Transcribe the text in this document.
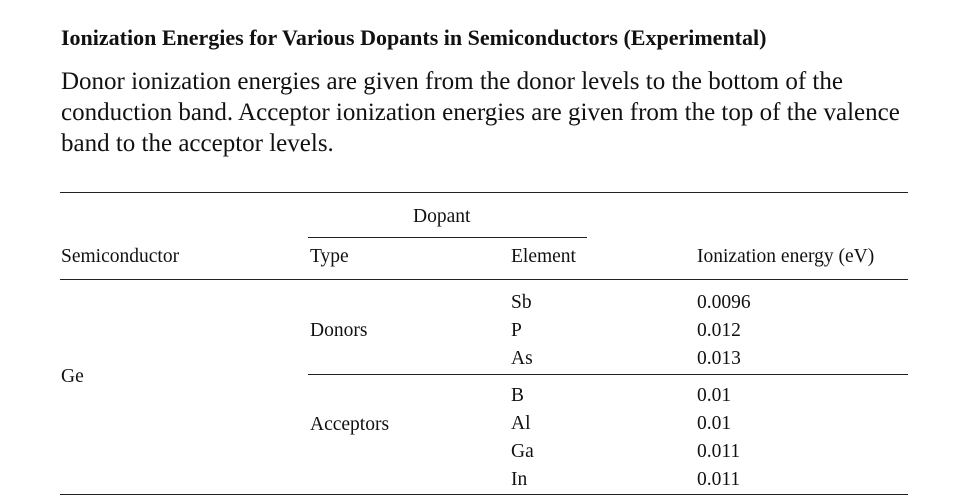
Ionization Energies for Various Dopants in Semiconductors (Experimental)
Donor ionization energies are given from the donor levels to the bottom of the conduction band. Acceptor ionization energies are given from the top of the valence band to the acceptor levels.
Dopant
Semiconductor	Type	Element	Ionization energy (eV)
Ge
Donors
Sb	0.0096
P	0.012
As	0.013
Acceptors
B	0.01
Al	0.01
Ga	0.011
In	0.011
